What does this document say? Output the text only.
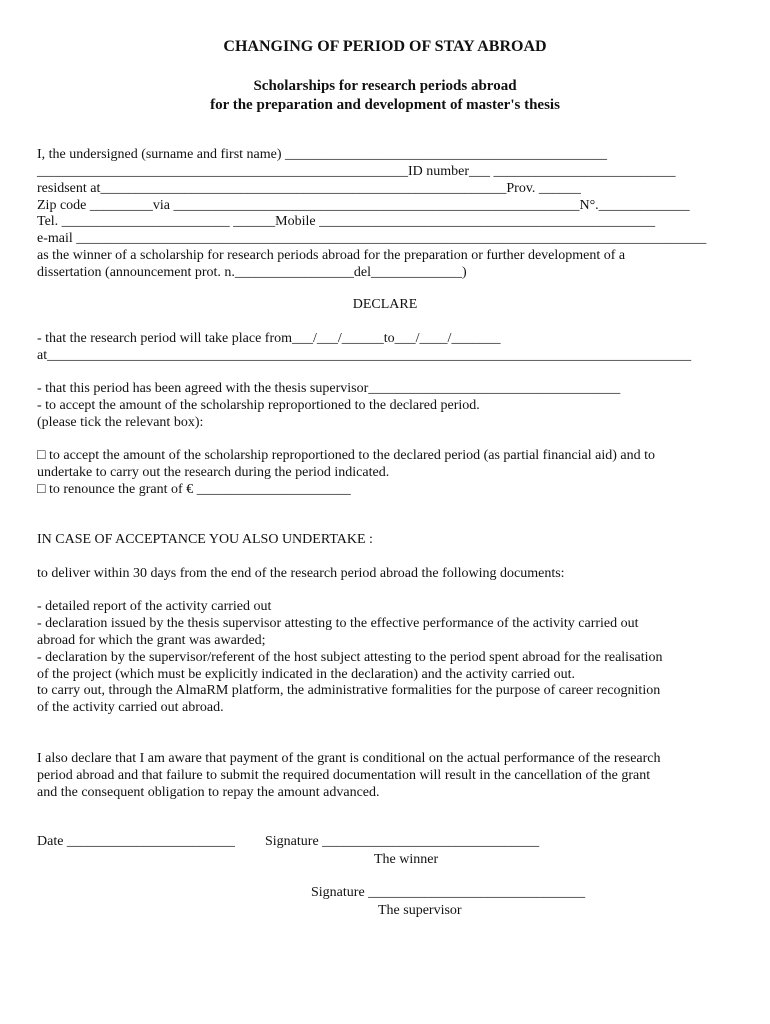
CHANGING OF PERIOD OF STAY ABROAD
Scholarships for research periods abroad
for the preparation and development of master's thesis
I, the undersigned (surname and first name) ______________________________________________
_____________________________________________________ID number___ __________________________
residsent at__________________________________________________________Prov. ______
Zip code _________via __________________________________________________________N°._____________
Tel. ________________________ ______Mobile ________________________________________________
e-mail __________________________________________________________________________________________
as the winner of a scholarship for research periods abroad for the preparation or further development of a
dissertation (announcement prot. n._________________del_____________)
DECLARE
- that the research period will take place from___/___/______to___/____/_______
at____________________________________________________________________________________________
- that this period has been agreed with the thesis supervisor____________________________________
- to accept the amount of the scholarship reproportioned to the declared period.
(please tick the relevant box):
□ to accept the amount of the scholarship reproportioned to the declared period (as partial financial aid) and to
undertake to carry out the research during the period indicated.
□ to renounce the grant of € ______________________
IN CASE OF ACCEPTANCE YOU ALSO UNDERTAKE :
to deliver within 30 days from the end of the research period abroad the following documents:
- detailed report of the activity carried out
- declaration issued by the thesis supervisor attesting to the effective performance of the activity carried out
abroad for which the grant was awarded;
- declaration by the supervisor/referent of the host subject attesting to the period spent abroad for the realisation
of the project (which must be explicitly indicated in the declaration) and the activity carried out.
to carry out, through the AlmaRM platform, the administrative formalities for the purpose of career recognition
of the activity carried out abroad.
I also declare that I am aware that payment of the grant is conditional on the actual performance of the research
period abroad and that failure to submit the required documentation will result in the cancellation of the grant
and the consequent obligation to repay the amount advanced.
Date ________________________ Signature _______________________________
The winner
Signature _______________________________
The supervisor
